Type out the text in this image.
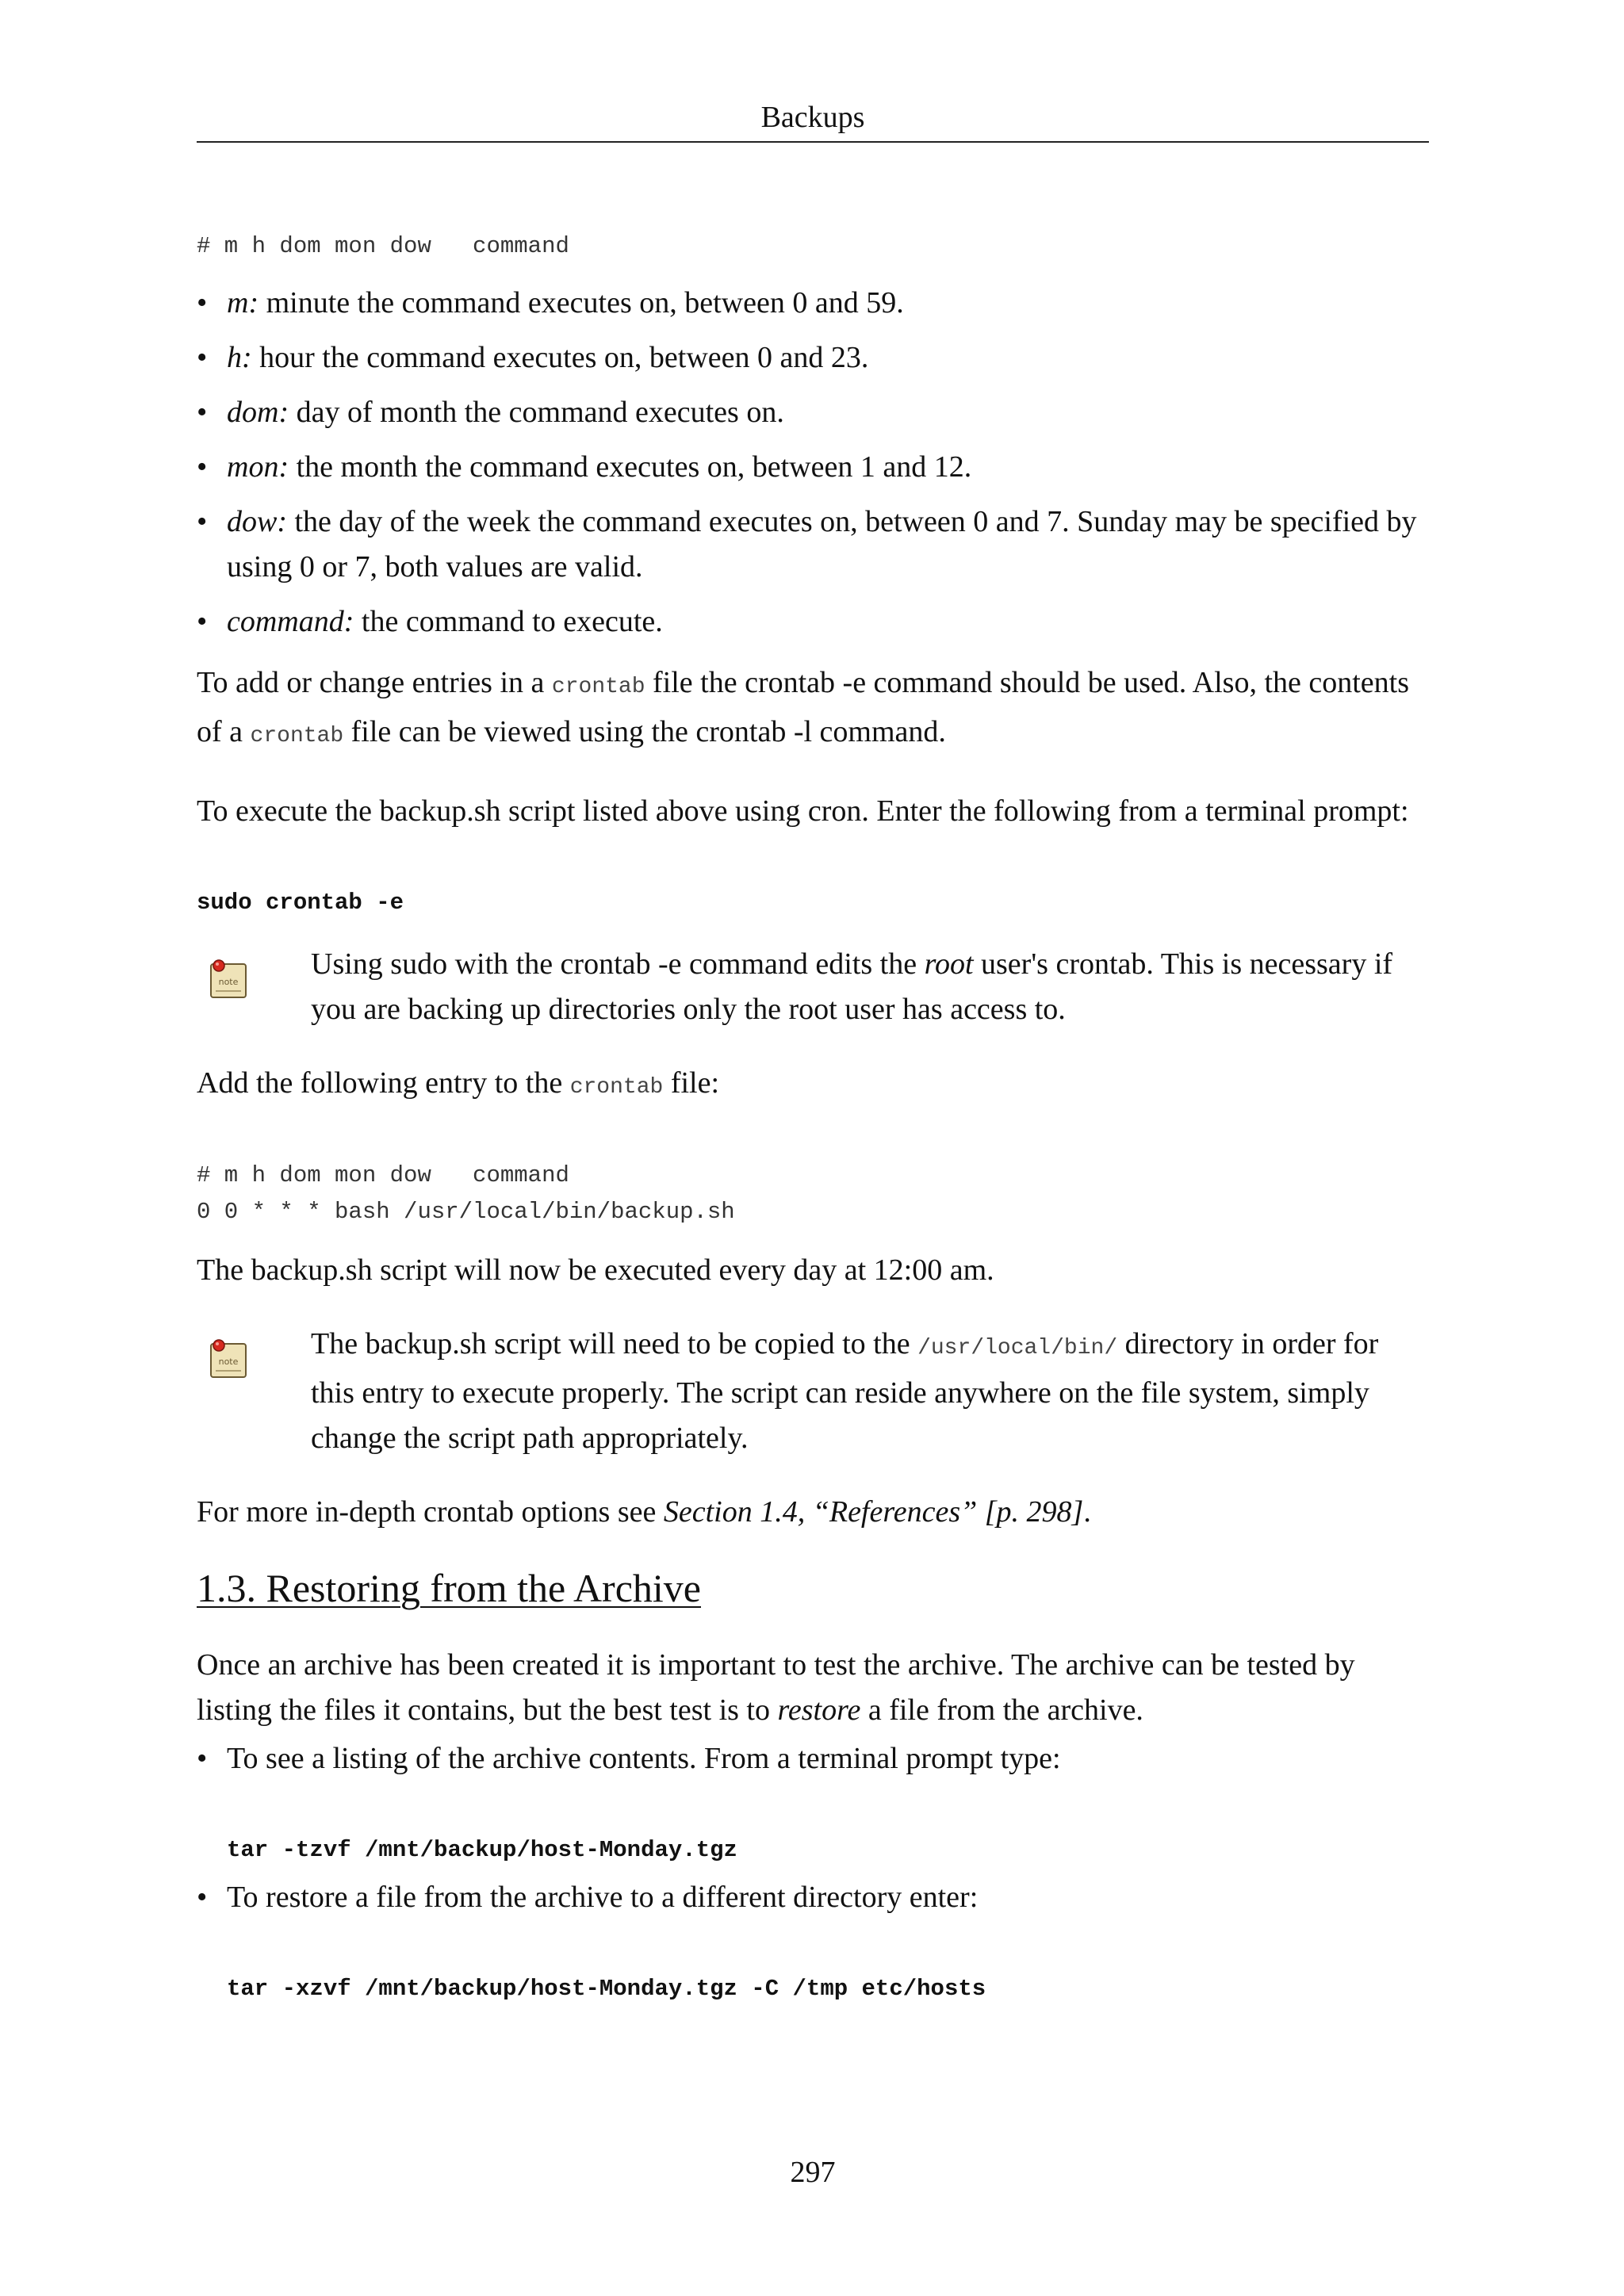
Backups
# m h dom mon dow   command
• m: minute the command executes on, between 0 and 59.
• h: hour the command executes on, between 0 and 23.
• dom: day of month the command executes on.
• mon: the month the command executes on, between 1 and 12.
• dow: the day of the week the command executes on, between 0 and 7. Sunday may be specified by using 0 or 7, both values are valid.
• command: the command to execute.

To add or change entries in a crontab file the crontab -e command should be used. Also, the contents of a crontab file can be viewed using the crontab -l command.

To execute the backup.sh script listed above using cron. Enter the following from a terminal prompt:

sudo crontab -e
note

Using sudo with the crontab -e command edits the root user's crontab. This is necessary if you are backing up directories only the root user has access to.

Add the following entry to the crontab file:

# m h dom mon dow   command
0 0 * * * bash /usr/local/bin/backup.sh

The backup.sh script will now be executed every day at 12:00 am.

note

The backup.sh script will need to be copied to the /usr/local/bin/ directory in order for this entry to execute properly. The script can reside anywhere on the file system, simply change the script path appropriately.

For more in-depth crontab options see Section 1.4, “References” [p. 298].

1.3. Restoring from the Archive

Once an archive has been created it is important to test the archive. The archive can be tested by listing the files it contains, but the best test is to restore a file from the archive.

• To see a listing of the archive contents. From a terminal prompt type:
tar -tzvf /mnt/backup/host-Monday.tgz
• To restore a file from the archive to a different directory enter:
tar -xzvf /mnt/backup/host-Monday.tgz -C /tmp etc/hosts
297
